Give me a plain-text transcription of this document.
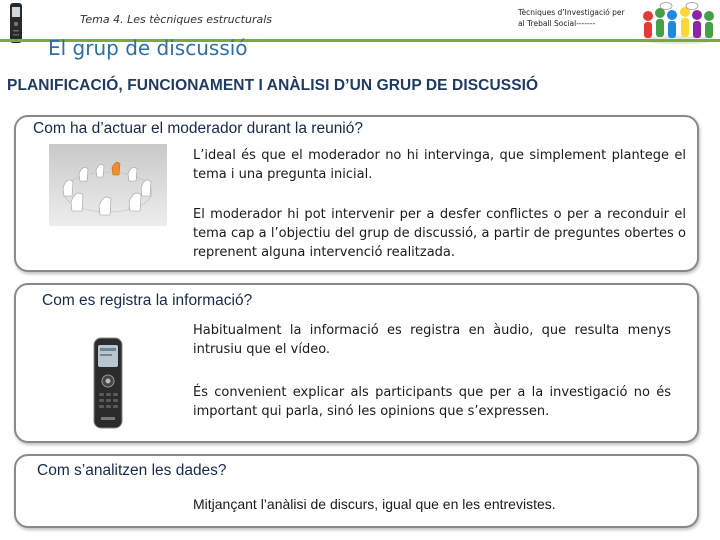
Tema 4. Les tècniques estructurals
Tècniques d’Investigació per
al Treball Social-------
El grup de discussió
PLANIFICACIÓ, FUNCIONAMENT I ANÀLISI D’UN GRUP DE DISCUSSIÓ
Com ha d’actuar el moderador durant la reunió?
L’ideal és que el moderador no hi intervinga, que simplement plantege el tema i una pregunta inicial.
El moderador hi pot intervenir per a desfer conflictes o per a reconduir el tema cap a l’objectiu del grup de discussió, a partir de preguntes obertes o reprenent alguna intervenció realitzada.
Com es registra la informació?
Habitualment la informació es registra en àudio, que resulta menys intrusiu que el vídeo.
És convenient explicar als participants que per a la investigació no és important qui parla, sinó les opinions que s’expressen.
Com s’analitzen les dades?
Mitjançant l’anàlisi de discurs, igual que en les entrevistes.
